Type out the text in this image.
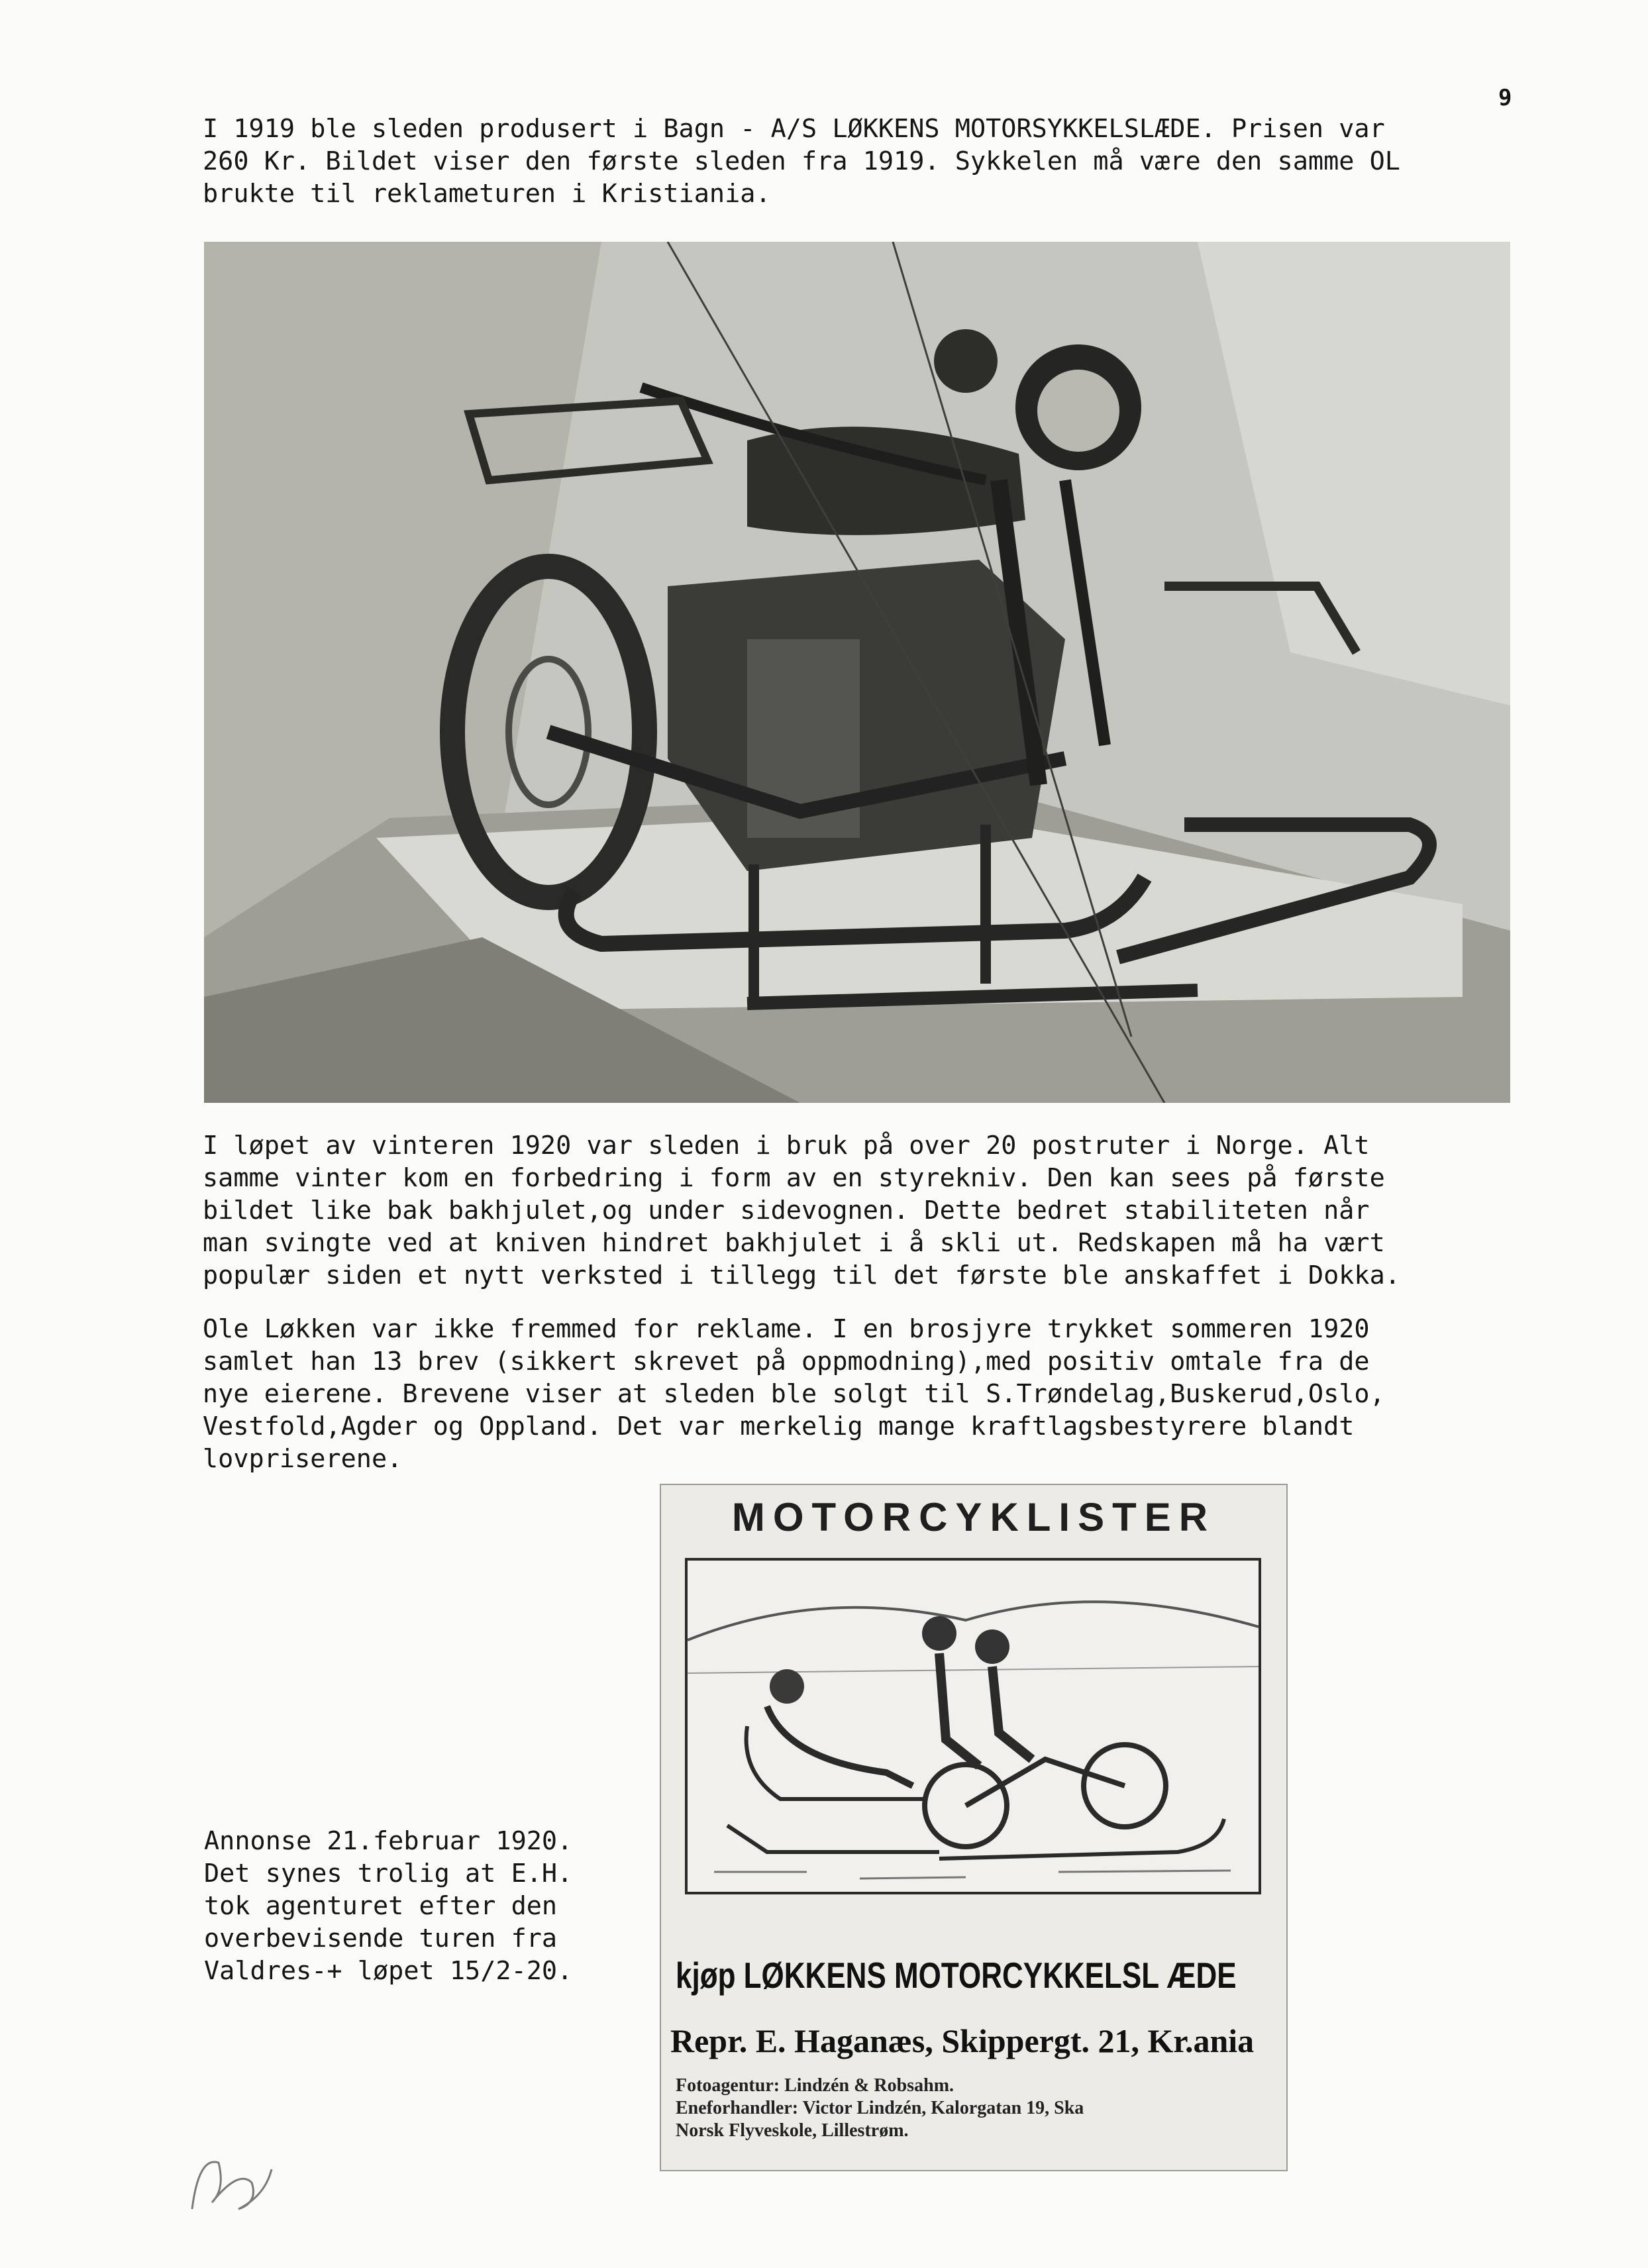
9

I 1919 ble sleden produsert i Bagn - A/S LØKKENS MOTORSYKKELSLÆDE. Prisen var
260 Kr. Bildet viser den første sleden fra 1919. Sykkelen må være den samme OL
brukte til reklameturen i Kristiania.

I løpet av vinteren 1920 var sleden i bruk på over 20 postruter i Norge. Alt
samme vinter kom en forbedring i form av en styrekniv. Den kan sees på første
bildet like bak bakhjulet,og under sidevognen. Dette bedret stabiliteten når
man svingte ved at kniven hindret bakhjulet i å skli ut. Redskapen må ha vært
populær siden et nytt verksted i tillegg til det første ble anskaffet i Dokka.

Ole Løkken var ikke fremmed for reklame. I en brosjyre trykket sommeren 1920
samlet han 13 brev (sikkert skrevet på oppmodning),med positiv omtale fra de
nye eierene. Brevene viser at sleden ble solgt til S.Trøndelag,Buskerud,Oslo,
Vestfold,Agder og Oppland. Det var merkelig mange kraftlagsbestyrere blandt
lovpriserene.

Annonse 21.februar 1920.
Det synes trolig at E.H.
tok agenturet efter den
overbevisende turen fra
Valdres-+ løpet 15/2-20.

MOTORCYKLISTER
kjøp LØKKENS MOTORCYKKELSL ÆDE
Repr. E. Haganæs, Skippergt. 21, Kr.ania
Fotoagentur: Lindzén & Robsahm.
Eneforhandler: Victor Lindzén, Kalorgatan 19, Ska
Norsk Flyveskole, Lillestrøm.
